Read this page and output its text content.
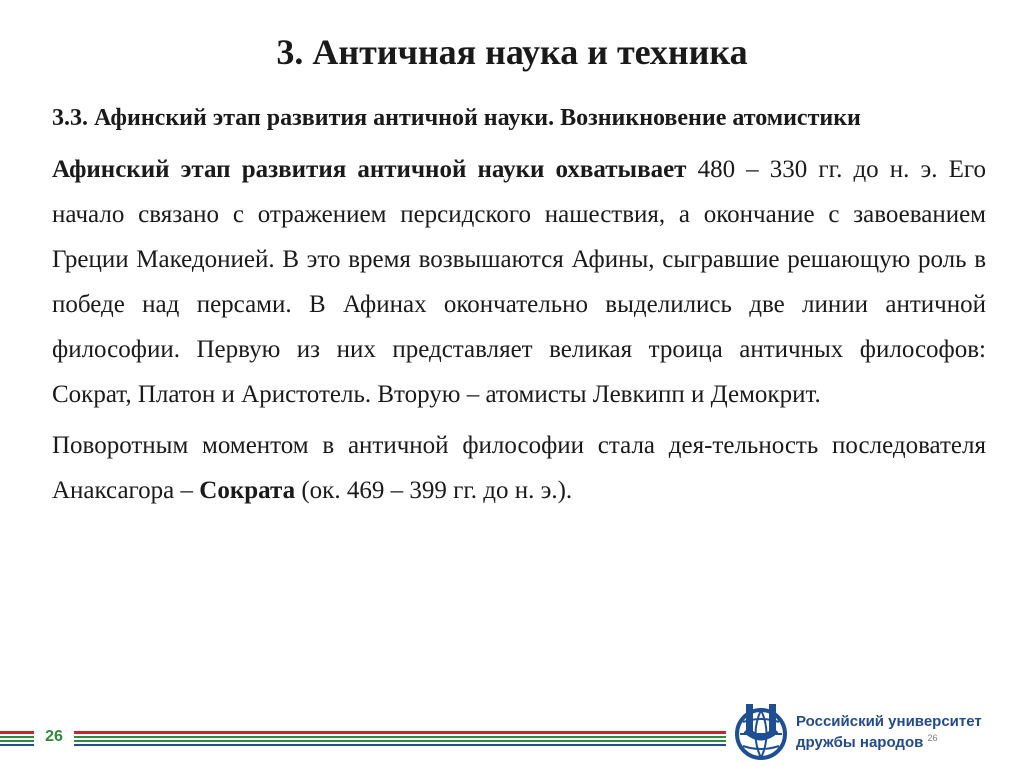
3. Античная наука и техника
3.3. Афинский этап развития античной науки. Возникновение атомистики

Афинский этап развития античной науки охватывает 480 – 330 гг. до н. э. Его начало связано с отражением персидского нашествия, а окончание с завоеванием Греции Македонией. В это время возвышаются Афины, сыгравшие решающую роль в победе над персами. В Афинах окончательно выделились две линии античной философии. Первую из них представляет великая троица античных философов: Сократ, Платон и Аристотель. Вторую – атомисты Левкипп и Демокрит.

Поворотным моментом в античной философии стала дея-тельность последователя Анаксагора – Сократа (ок. 469 – 399 гг. до н. э.).

26
Российский университет
дружбы народов $^{26}$
